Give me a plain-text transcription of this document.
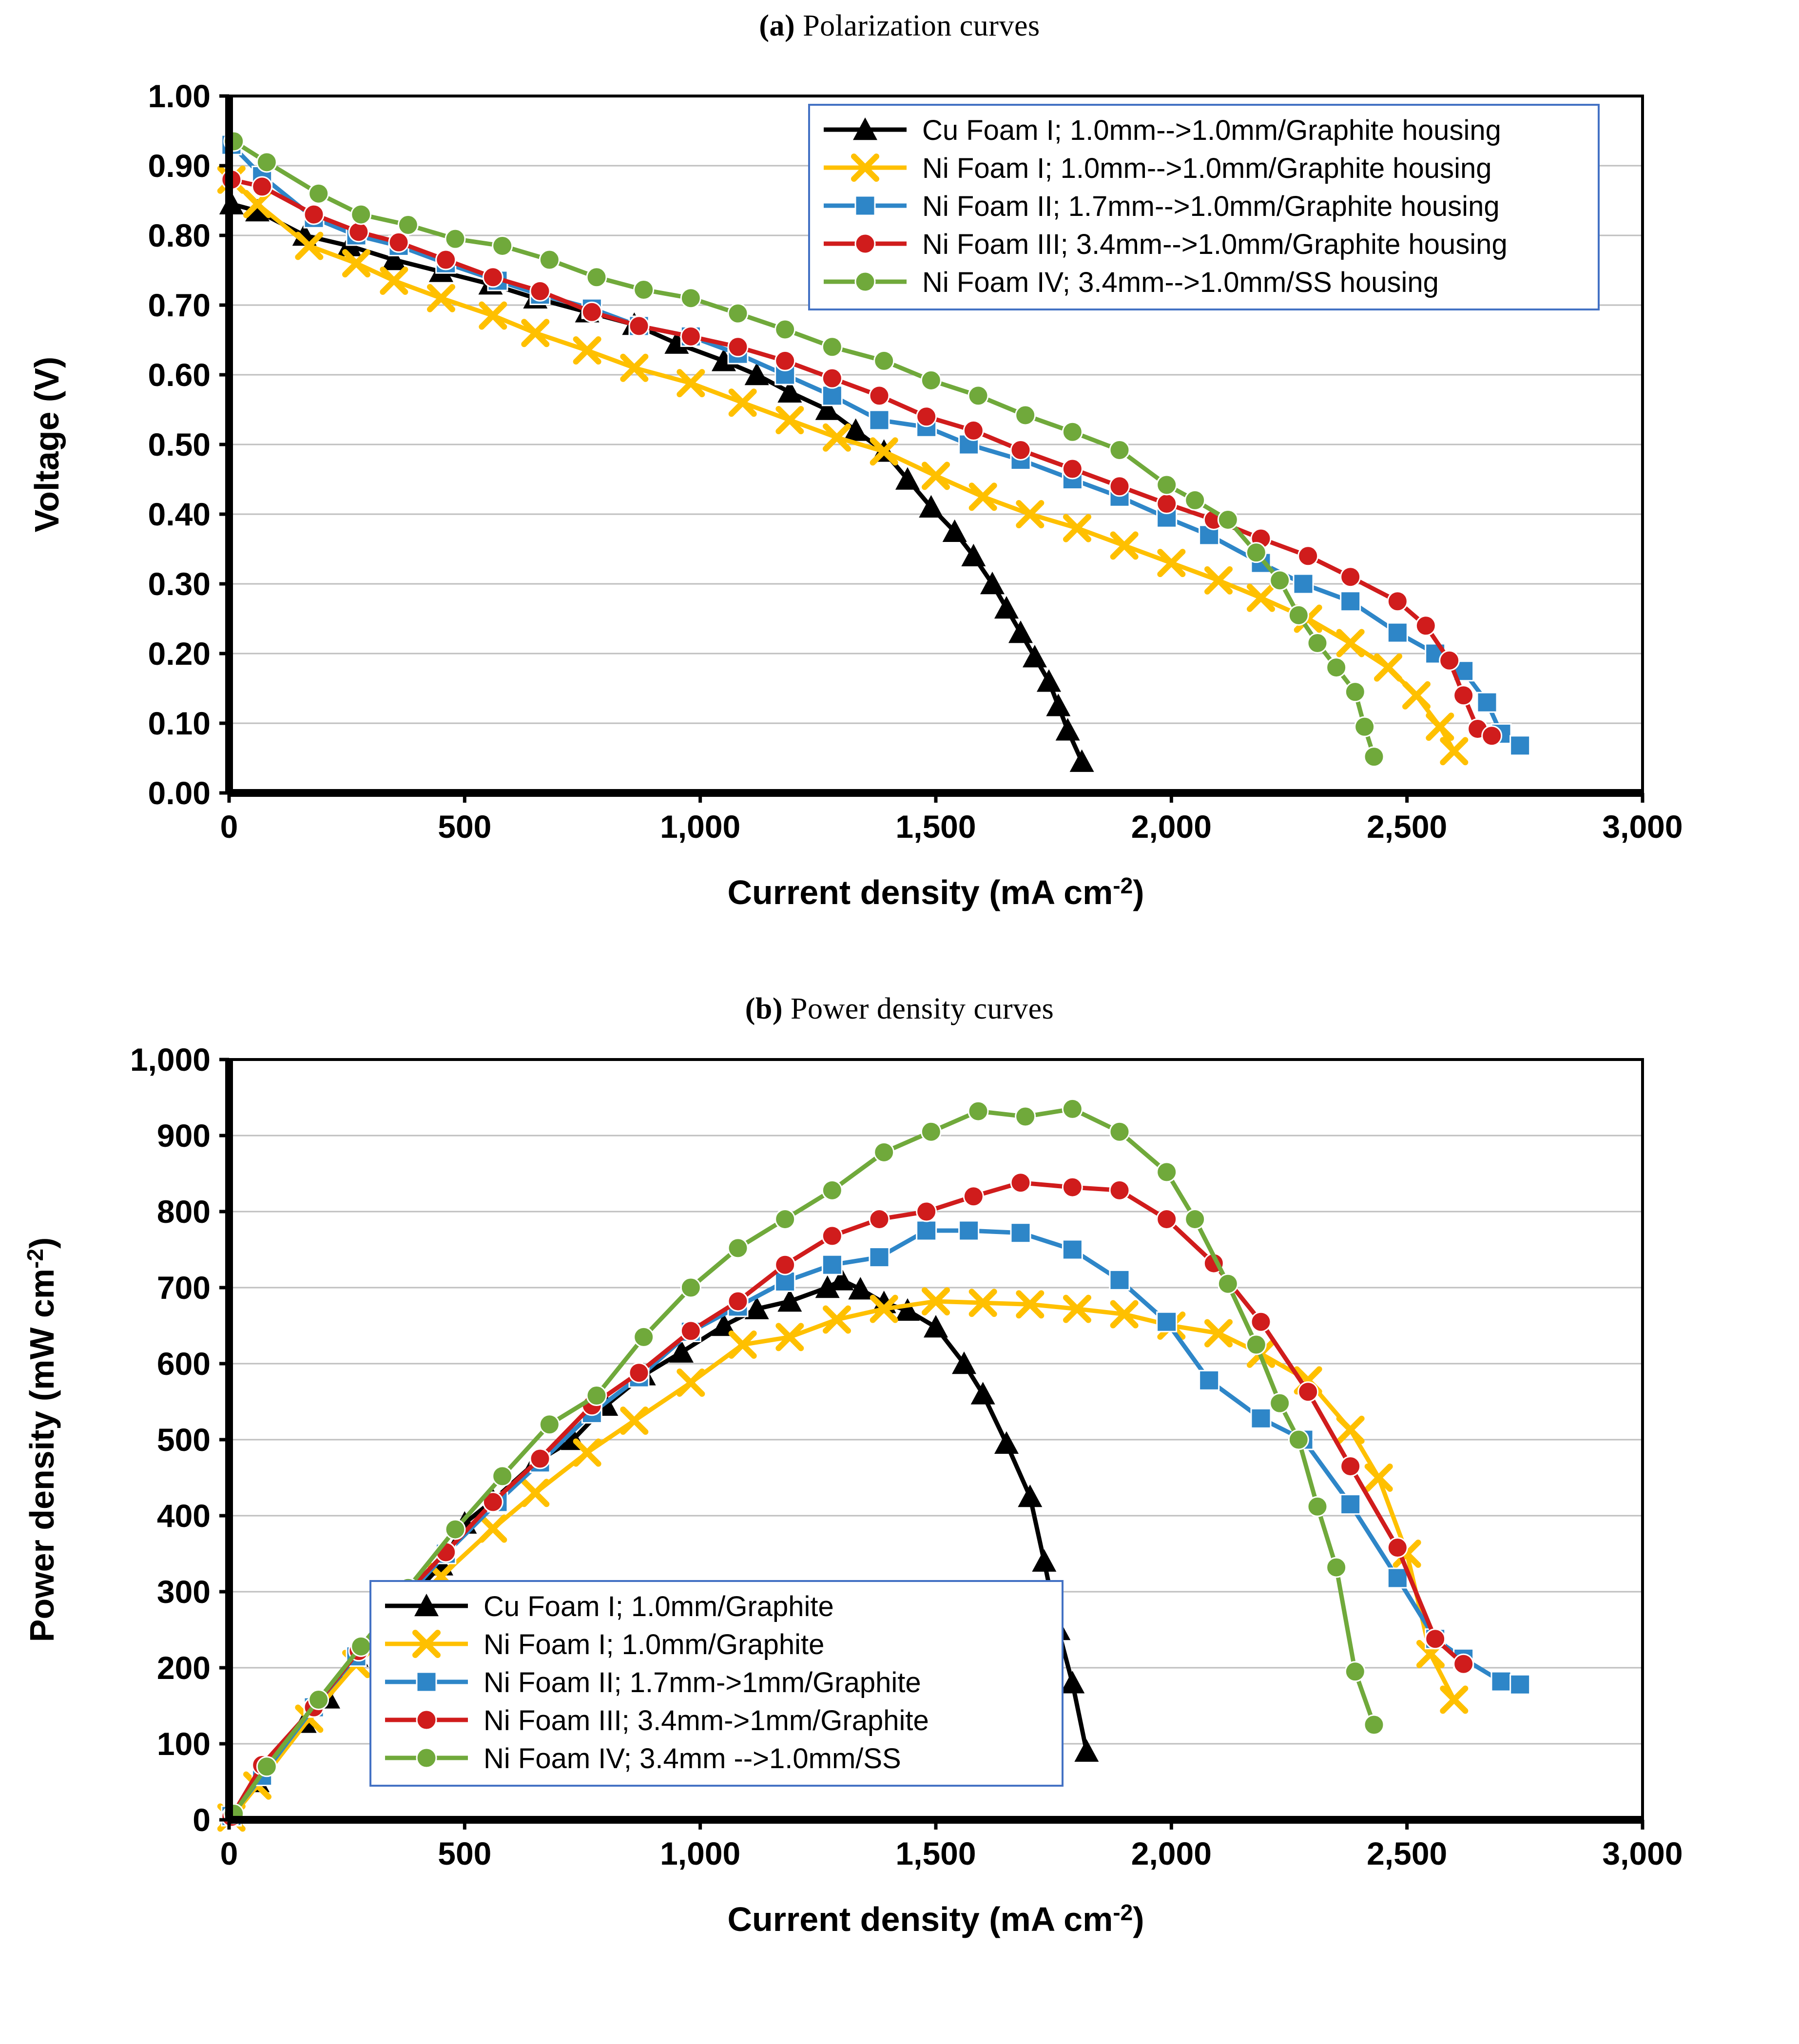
(a) Polarization curves
0	500	1,000	1,500	2,000	2,500	3,000
0.00
0.10
0.20
0.30
0.40
0.50
0.60
0.70
0.80
0.90
1.00
Current density (mA $cm^{-2}$)
Voltage (V)
Cu Foam I; 1.0mm-->1.0mm/Graphite housing
Ni Foam I; 1.0mm-->1.0mm/Graphite housing
Ni Foam II; 1.7mm-->1.0mm/Graphite housing
Ni Foam III; 3.4mm-->1.0mm/Graphite housing
Ni Foam IV; 3.4mm-->1.0mm/SS housing
(b) Power density curves
0	500	1,000	1,500	2,000	2,500	3,000
0
100
200
300
400
500
600
700
800
900
1,000
Current density (mA $cm^{-2}$)
Power density (mW $cm^{-2}$)
Cu Foam I; 1.0mm/Graphite
Ni Foam I; 1.0mm/Graphite
Ni Foam II; 1.7mm->1mm/Graphite
Ni Foam III; 3.4mm->1mm/Graphite
Ni Foam IV; 3.4mm -->1.0mm/SS
